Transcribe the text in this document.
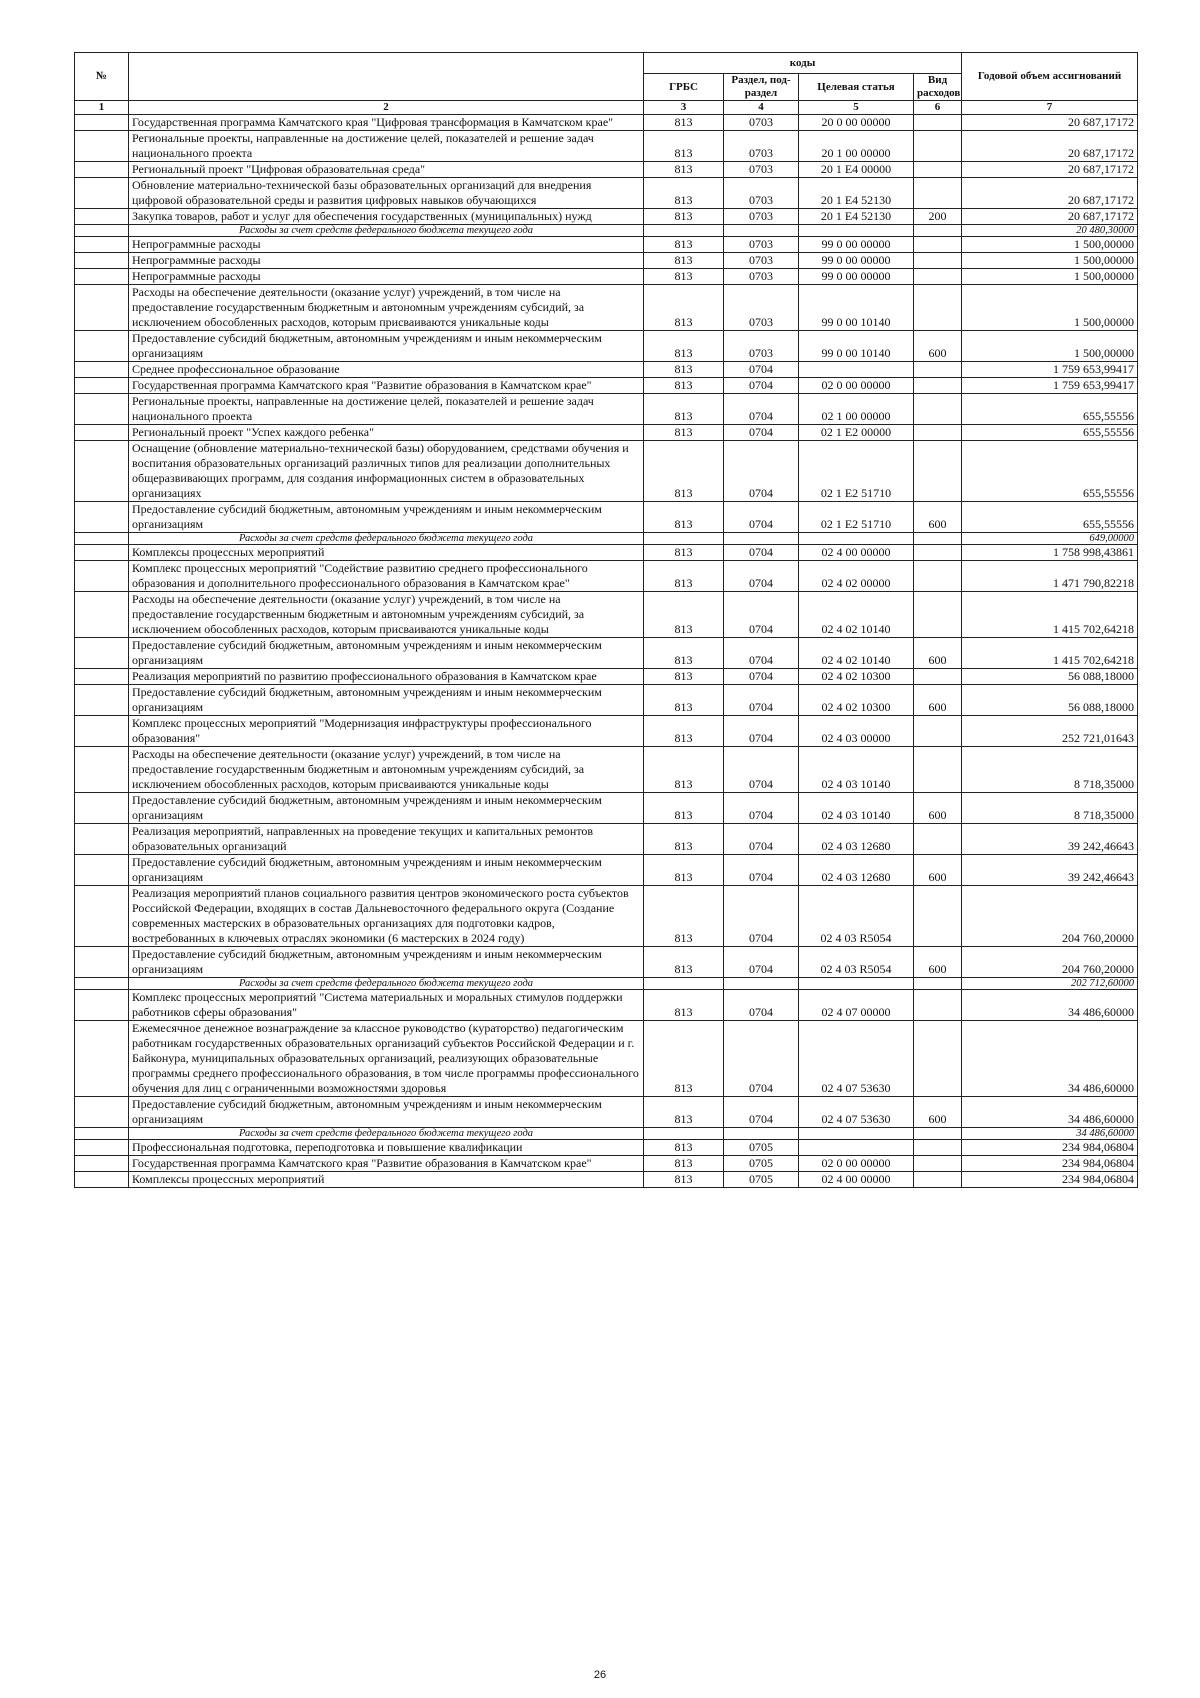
№		коды				Годовой объем ассигнований
		ГРБС	Раздел, под-раздел	Целевая статья	Вид расходов	
1	2	3	4	5	6	7
	Государственная программа Камчатского края "Цифровая трансформация в Камчатском крае"	813	0703	20 0 00 00000		20 687,17172
	Региональные проекты, направленные на достижение целей, показателей и решение задач национального проекта	813	0703	20 1 00 00000		20 687,17172
	Региональный проект "Цифровая образовательная среда"	813	0703	20 1 E4 00000		20 687,17172
	Обновление материально-технической базы образовательных организаций для внедрения цифровой образовательной среды и развития цифровых навыков обучающихся	813	0703	20 1 E4 52130		20 687,17172
	Закупка товаров, работ и услуг для обеспечения государственных (муниципальных) нужд	813	0703	20 1 E4 52130	200	20 687,17172
	Расходы за счет средств федерального бюджета текущего года					20 480,30000
	Непрограммные расходы	813	0703	99 0 00 00000		1 500,00000
	Непрограммные расходы	813	0703	99 0 00 00000		1 500,00000
	Непрограммные расходы	813	0703	99 0 00 00000		1 500,00000
	Расходы на обеспечение деятельности (оказание услуг) учреждений, в том числе на предоставление государственным бюджетным и автономным учреждениям субсидий, за исключением обособленных расходов, которым присваиваются уникальные коды	813	0703	99 0 00 10140		1 500,00000
	Предоставление субсидий бюджетным, автономным учреждениям и иным некоммерческим организациям	813	0703	99 0 00 10140	600	1 500,00000
	Среднее профессиональное образование	813	0704			1 759 653,99417
	Государственная программа Камчатского края "Развитие образования в Камчатском крае"	813	0704	02 0 00 00000		1 759 653,99417
	Региональные проекты, направленные на достижение целей, показателей и решение задач национального проекта	813	0704	02 1 00 00000		655,55556
	Региональный проект "Успех каждого ребенка"	813	0704	02 1 E2 00000		655,55556
	Оснащение (обновление материально-технической базы) оборудованием, средствами обучения и воспитания образовательных организаций различных типов для реализации дополнительных общеразвивающих программ, для создания информационных систем в образовательных организациях	813	0704	02 1 E2 51710		655,55556
	Предоставление субсидий бюджетным, автономным учреждениям и иным некоммерческим организациям	813	0704	02 1 E2 51710	600	655,55556
	Расходы за счет средств федерального бюджета текущего года					649,00000
	Комплексы процессных мероприятий	813	0704	02 4 00 00000		1 758 998,43861
	Комплекс процессных мероприятий "Содействие развитию среднего профессионального образования и дополнительного профессионального образования в Камчатском крае"	813	0704	02 4 02 00000		1 471 790,82218
	Расходы на обеспечение деятельности (оказание услуг) учреждений, в том числе на предоставление государственным бюджетным и автономным учреждениям субсидий, за исключением обособленных расходов, которым присваиваются уникальные коды	813	0704	02 4 02 10140		1 415 702,64218
	Предоставление субсидий бюджетным, автономным учреждениям и иным некоммерческим организациям	813	0704	02 4 02 10140	600	1 415 702,64218
	Реализация мероприятий по развитию профессионального образования в Камчатском крае	813	0704	02 4 02 10300		56 088,18000
	Предоставление субсидий бюджетным, автономным учреждениям и иным некоммерческим организациям	813	0704	02 4 02 10300	600	56 088,18000
	Комплекс процессных мероприятий "Модернизация инфраструктуры профессионального образования"	813	0704	02 4 03 00000		252 721,01643
	Расходы на обеспечение деятельности (оказание услуг) учреждений, в том числе на предоставление государственным бюджетным и автономным учреждениям субсидий, за исключением обособленных расходов, которым присваиваются уникальные коды	813	0704	02 4 03 10140		8 718,35000
	Предоставление субсидий бюджетным, автономным учреждениям и иным некоммерческим организациям	813	0704	02 4 03 10140	600	8 718,35000
	Реализация мероприятий, направленных на проведение текущих и капитальных ремонтов образовательных организаций	813	0704	02 4 03 12680		39 242,46643
	Предоставление субсидий бюджетным, автономным учреждениям и иным некоммерческим организациям	813	0704	02 4 03 12680	600	39 242,46643
	Реализация мероприятий планов социального развития центров экономического роста субъектов Российской Федерации, входящих в состав Дальневосточного федерального округа (Создание современных мастерских в образовательных организациях для подготовки кадров, востребованных в ключевых отраслях экономики (6 мастерских в 2024 году)	813	0704	02 4 03 R5054		204 760,20000
	Предоставление субсидий бюджетным, автономным учреждениям и иным некоммерческим организациям	813	0704	02 4 03 R5054	600	204 760,20000
	Расходы за счет средств федерального бюджета текущего года					202 712,60000
	Комплекс процессных мероприятий "Система материальных и моральных стимулов поддержки работников сферы образования"	813	0704	02 4 07 00000		34 486,60000
	Ежемесячное денежное вознаграждение за классное руководство (кураторство) педагогическим работникам государственных образовательных организаций субъектов Российской Федерации и г. Байконура, муниципальных образовательных организаций, реализующих образовательные программы среднего профессионального образования, в том числе программы профессионального обучения для лиц с ограниченными возможностями здоровья	813	0704	02 4 07 53630		34 486,60000
	Предоставление субсидий бюджетным, автономным учреждениям и иным некоммерческим организациям	813	0704	02 4 07 53630	600	34 486,60000
	Расходы за счет средств федерального бюджета текущего года					34 486,60000
	Профессиональная подготовка, переподготовка и повышение квалификации	813	0705			234 984,06804
	Государственная программа Камчатского края "Развитие образования в Камчатском крае"	813	0705	02 0 00 00000		234 984,06804
	Комплексы процессных мероприятий	813	0705	02 4 00 00000		234 984,06804
26
